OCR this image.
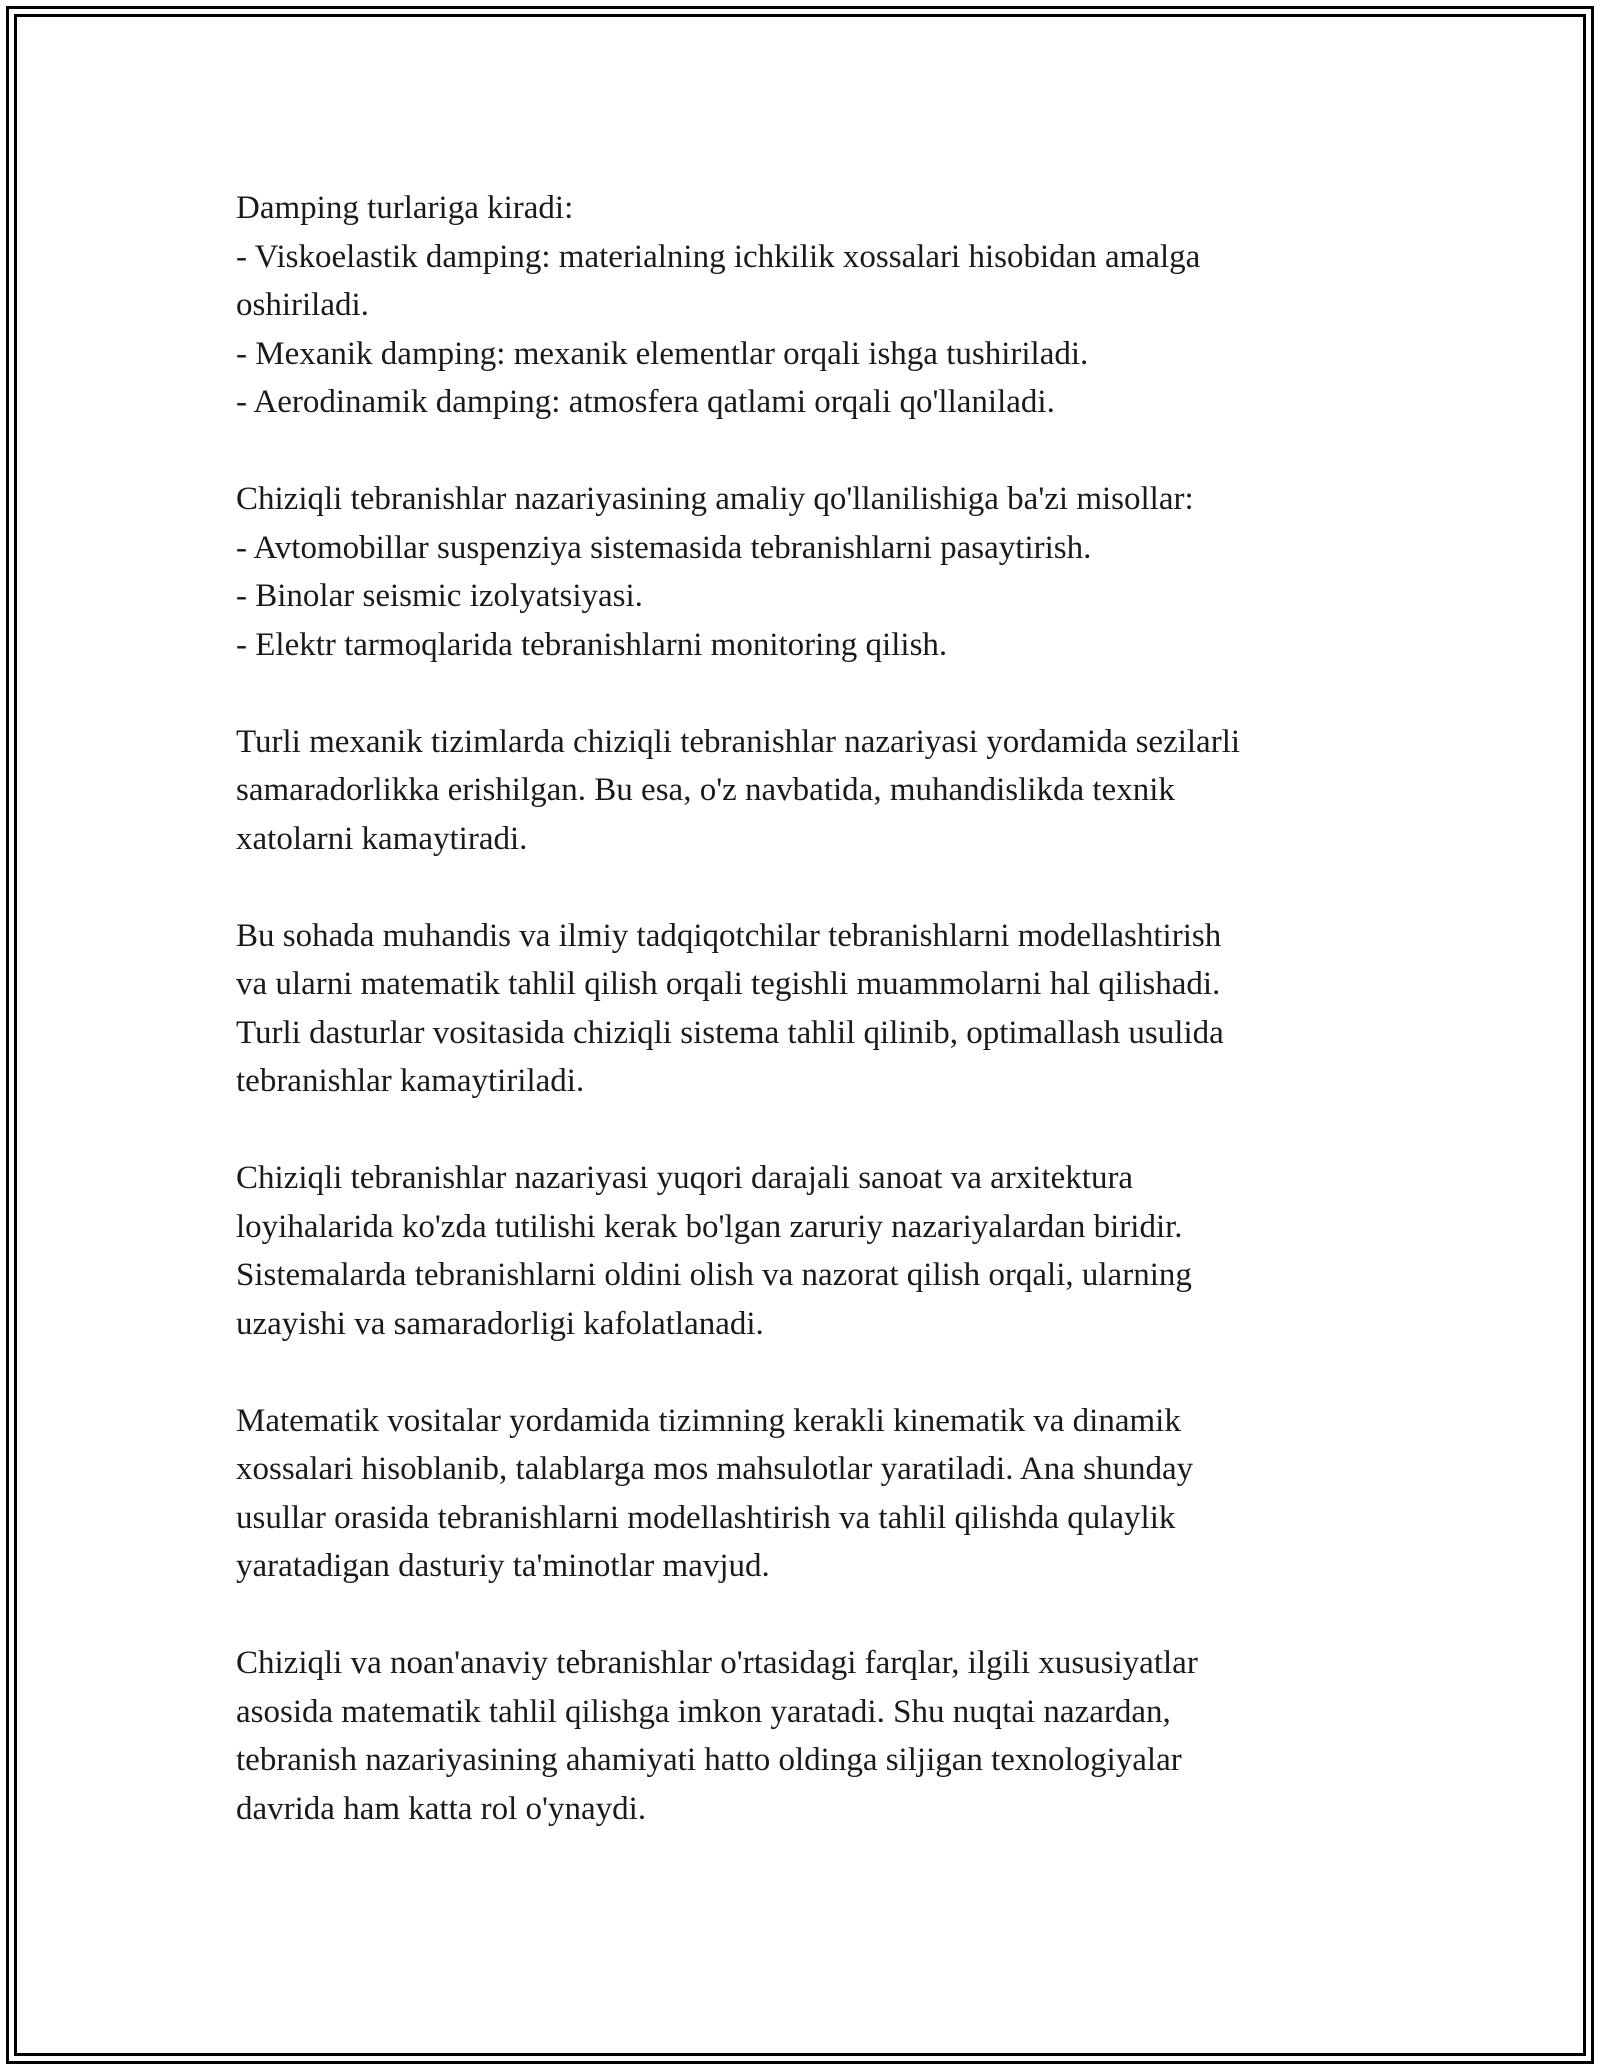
Damping turlariga kiradi:
- Viskoelastik damping: materialning ichkilik xossalari hisobidan amalga
oshiriladi.
- Mexanik damping: mexanik elementlar orqali ishga tushiriladi.
- Aerodinamik damping: atmosfera qatlami orqali qo'llaniladi.
Chiziqli tebranishlar nazariyasining amaliy qo'llanilishiga ba'zi misollar:
- Avtomobillar suspenziya sistemasida tebranishlarni pasaytirish.
- Binolar seismic izolyatsiyasi.
- Elektr tarmoqlarida tebranishlarni monitoring qilish.
Turli mexanik tizimlarda chiziqli tebranishlar nazariyasi yordamida sezilarli
samaradorlikka erishilgan. Bu esa, o'z navbatida, muhandislikda texnik
xatolarni kamaytiradi.
Bu sohada muhandis va ilmiy tadqiqotchilar tebranishlarni modellashtirish
va ularni matematik tahlil qilish orqali tegishli muammolarni hal qilishadi.
Turli dasturlar vositasida chiziqli sistema tahlil qilinib, optimallash usulida
tebranishlar kamaytiriladi.
Chiziqli tebranishlar nazariyasi yuqori darajali sanoat va arxitektura
loyihalarida ko'zda tutilishi kerak bo'lgan zaruriy nazariyalardan biridir.
Sistemalarda tebranishlarni oldini olish va nazorat qilish orqali, ularning
uzayishi va samaradorligi kafolatlanadi.
Matematik vositalar yordamida tizimning kerakli kinematik va dinamik
xossalari hisoblanib, talablarga mos mahsulotlar yaratiladi. Ana shunday
usullar orasida tebranishlarni modellashtirish va tahlil qilishda qulaylik
yaratadigan dasturiy ta'minotlar mavjud.
Chiziqli va noan'anaviy tebranishlar o'rtasidagi farqlar, ilgili xususiyatlar
asosida matematik tahlil qilishga imkon yaratadi. Shu nuqtai nazardan,
tebranish nazariyasining ahamiyati hatto oldinga siljigan texnologiyalar
davrida ham katta rol o'ynaydi.
